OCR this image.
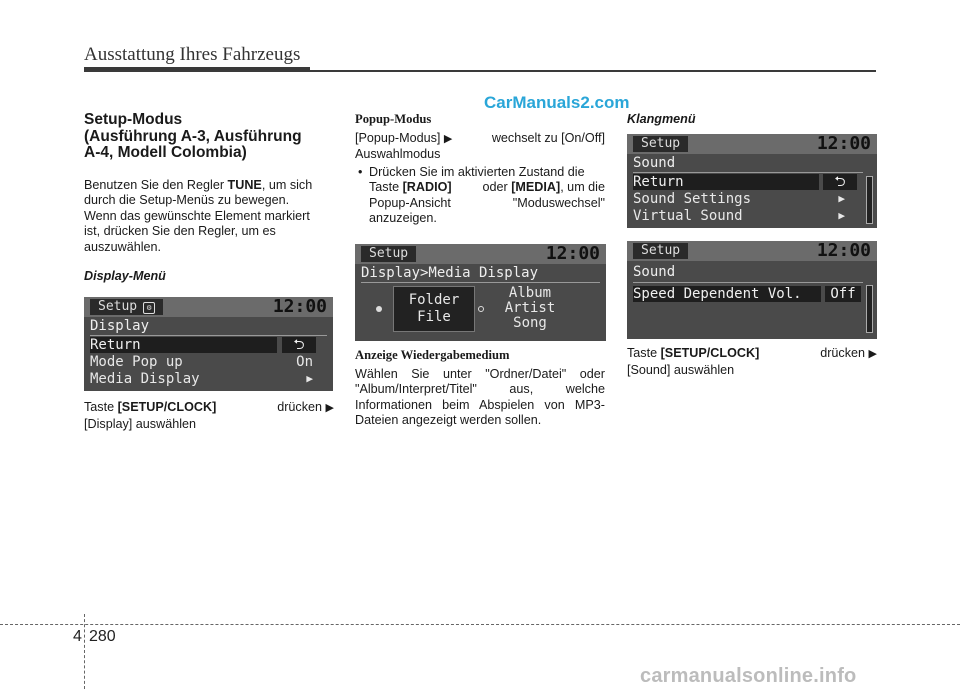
Ausstattung Ihres Fahrzeugs
CarManuals2.com
Setup-Modus
(Ausführung A-3, Ausführung
A-4, Modell Colombia)
Benutzen Sie den Regler TUNE, um sich
durch die Setup-Menüs zu bewegen.
Wenn das gewünschte Element markiert
ist, drücken Sie den Regler, um es
auszuwählen.
Display-Menü
Setup ⚙	12:00
Display
Return	⮌
Mode Pop up	On
Media Display	▶
Taste [SETUP/CLOCK]	drücken ▶
[Display] auswählen
Popup-Modus
[Popup-Modus] ▶	wechselt zu [On/Off]
Auswahlmodus
• Drücken Sie im aktivierten Zustand die
Taste [RADIO] oder [MEDIA], um die
Popup-Ansicht "Moduswechsel"
anzuzeigen.
Setup	12:00
Display>Media Display
Folder
File
Album
Artist
Song
Anzeige Wiedergabemedium
Wählen Sie unter "Ordner/Datei" oder
"Album/Interpret/Titel" aus, welche
Informationen beim Abspielen von MP3-
Dateien angezeigt werden sollen.
Klangmenü
Setup	12:00
Sound
Return	⮌
Sound Settings	▶
Virtual Sound	▶
Setup	12:00
Sound
Speed Dependent Vol.	Off
Taste [SETUP/CLOCK]	drücken ▶
[Sound] auswählen
4 280
carmanualsonline.info
